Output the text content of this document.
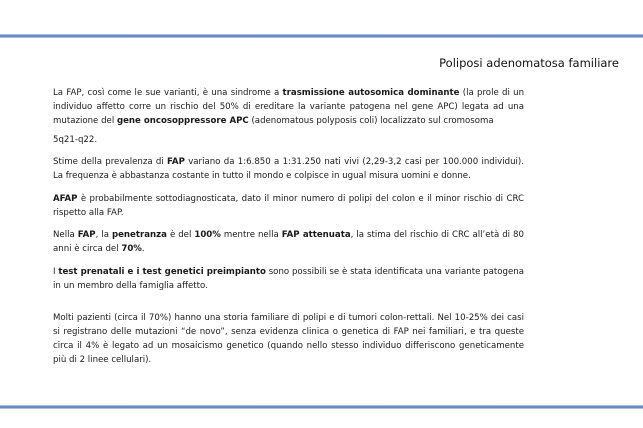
Poliposi adenomatosa familiare

La FAP, così come le sue varianti, è una sindrome a trasmissione autosomica dominante (la prole di un individuo affetto corre un rischio del 50% di ereditare la variante patogena nel gene APC) legata ad una mutazione del gene oncosoppressore APC (adenomatous polyposis coli) localizzato sul cromosoma

5q21-q22.

Stime della prevalenza di FAP variano da 1:6.850 a 1:31.250 nati vivi (2,29-3,2 casi per 100.000 individui). La frequenza è abbastanza costante in tutto il mondo e colpisce in ugual misura uomini e donne.

AFAP è probabilmente sottodiagnosticata, dato il minor numero di polipi del colon e il minor rischio di CRC rispetto alla FAP.

Nella FAP, la penetranza è del 100% mentre nella FAP attenuata, la stima del rischio di CRC all’età di 80 anni è circa del 70%.

I test prenatali e i test genetici preimpianto sono possibili se è stata identificata una variante patogena in un membro della famiglia affetto.

Molti pazienti (circa il 70%) hanno una storia familiare di polipi e di tumori colon-rettali. Nel 10-25% dei casi si registrano delle mutazioni “de novo”, senza evidenza clinica o genetica di FAP nei familiari, e tra queste circa il 4% è legato ad un mosaicismo genetico (quando nello stesso individuo differiscono geneticamente più di 2 linee cellulari).
